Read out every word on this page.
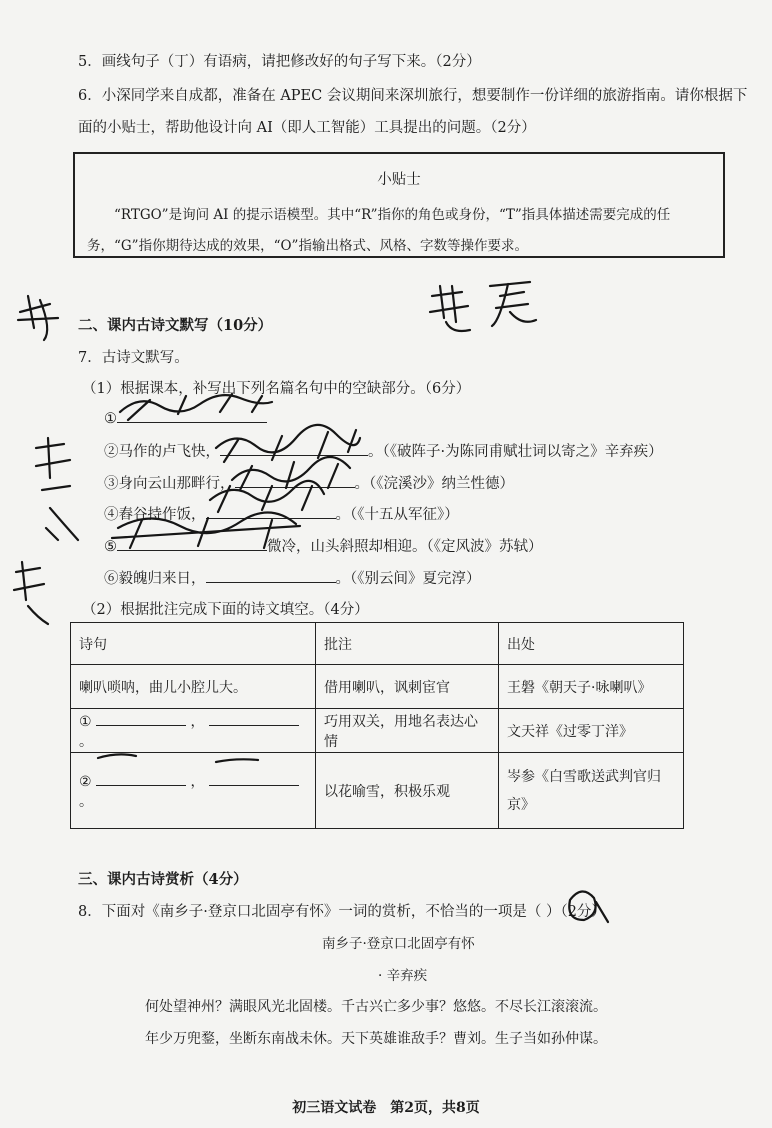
5．画线句子（丁）有语病，请把修改好的句子写下来。（2分）
6．小深同学来自成都，准备在 APEC 会议期间来深圳旅行，想要制作一份详细的旅游指南。请你根据下
面的小贴士，帮助他设计向 AI（即人工智能）工具提出的问题。（2分）
小贴士
“RTGO”是询问 AI 的提示语模型。其中“R”指你的角色或身份，“T”指具体描述需要完成的任务，“G”指你期待达成的效果，“O”指输出格式、风格、字数等操作要求。
二、课内古诗文默写（10分）
7．古诗文默写。
（1）根据课本，补写出下列名篇名句中的空缺部分。（6分）
①
②马作的卢飞快，	。（《破阵子·为陈同甫赋壮词以寄之》辛弃疾）
③身向云山那畔行，	。（《浣溪沙》纳兰性德）
④舂谷持作饭，	。（《十五从军征》）
⑤	微冷，山头斜照却相迎。（《定风波》苏轼）
⑥毅魄归来日，	。（《别云间》夏完淳）
（2）根据批注完成下面的诗文填空。（4分）
诗句	批注	出处
喇叭唢呐，曲儿小腔儿大。	借用喇叭，讽刺宦官	王磐《朝天子·咏喇叭》
① ，  。	巧用双关，用地名表达心情	文天祥《过零丁洋》
② ，  。	以花喻雪，积极乐观	岑参《白雪歌送武判官归京》
三、课内古诗赏析（4分）
8．下面对《南乡子·登京口北固亭有怀》一词的赏析，不恰当的一项是（ ）（2分）
南乡子·登京口北固亭有怀
· 辛弃疾
何处望神州？满眼风光北固楼。千古兴亡多少事？悠悠。不尽长江滚滚流。
年少万兜鍪，坐断东南战未休。天下英雄谁敌手？曹刘。生子当如孙仲谋。
初三语文试卷　第2页，共8页
